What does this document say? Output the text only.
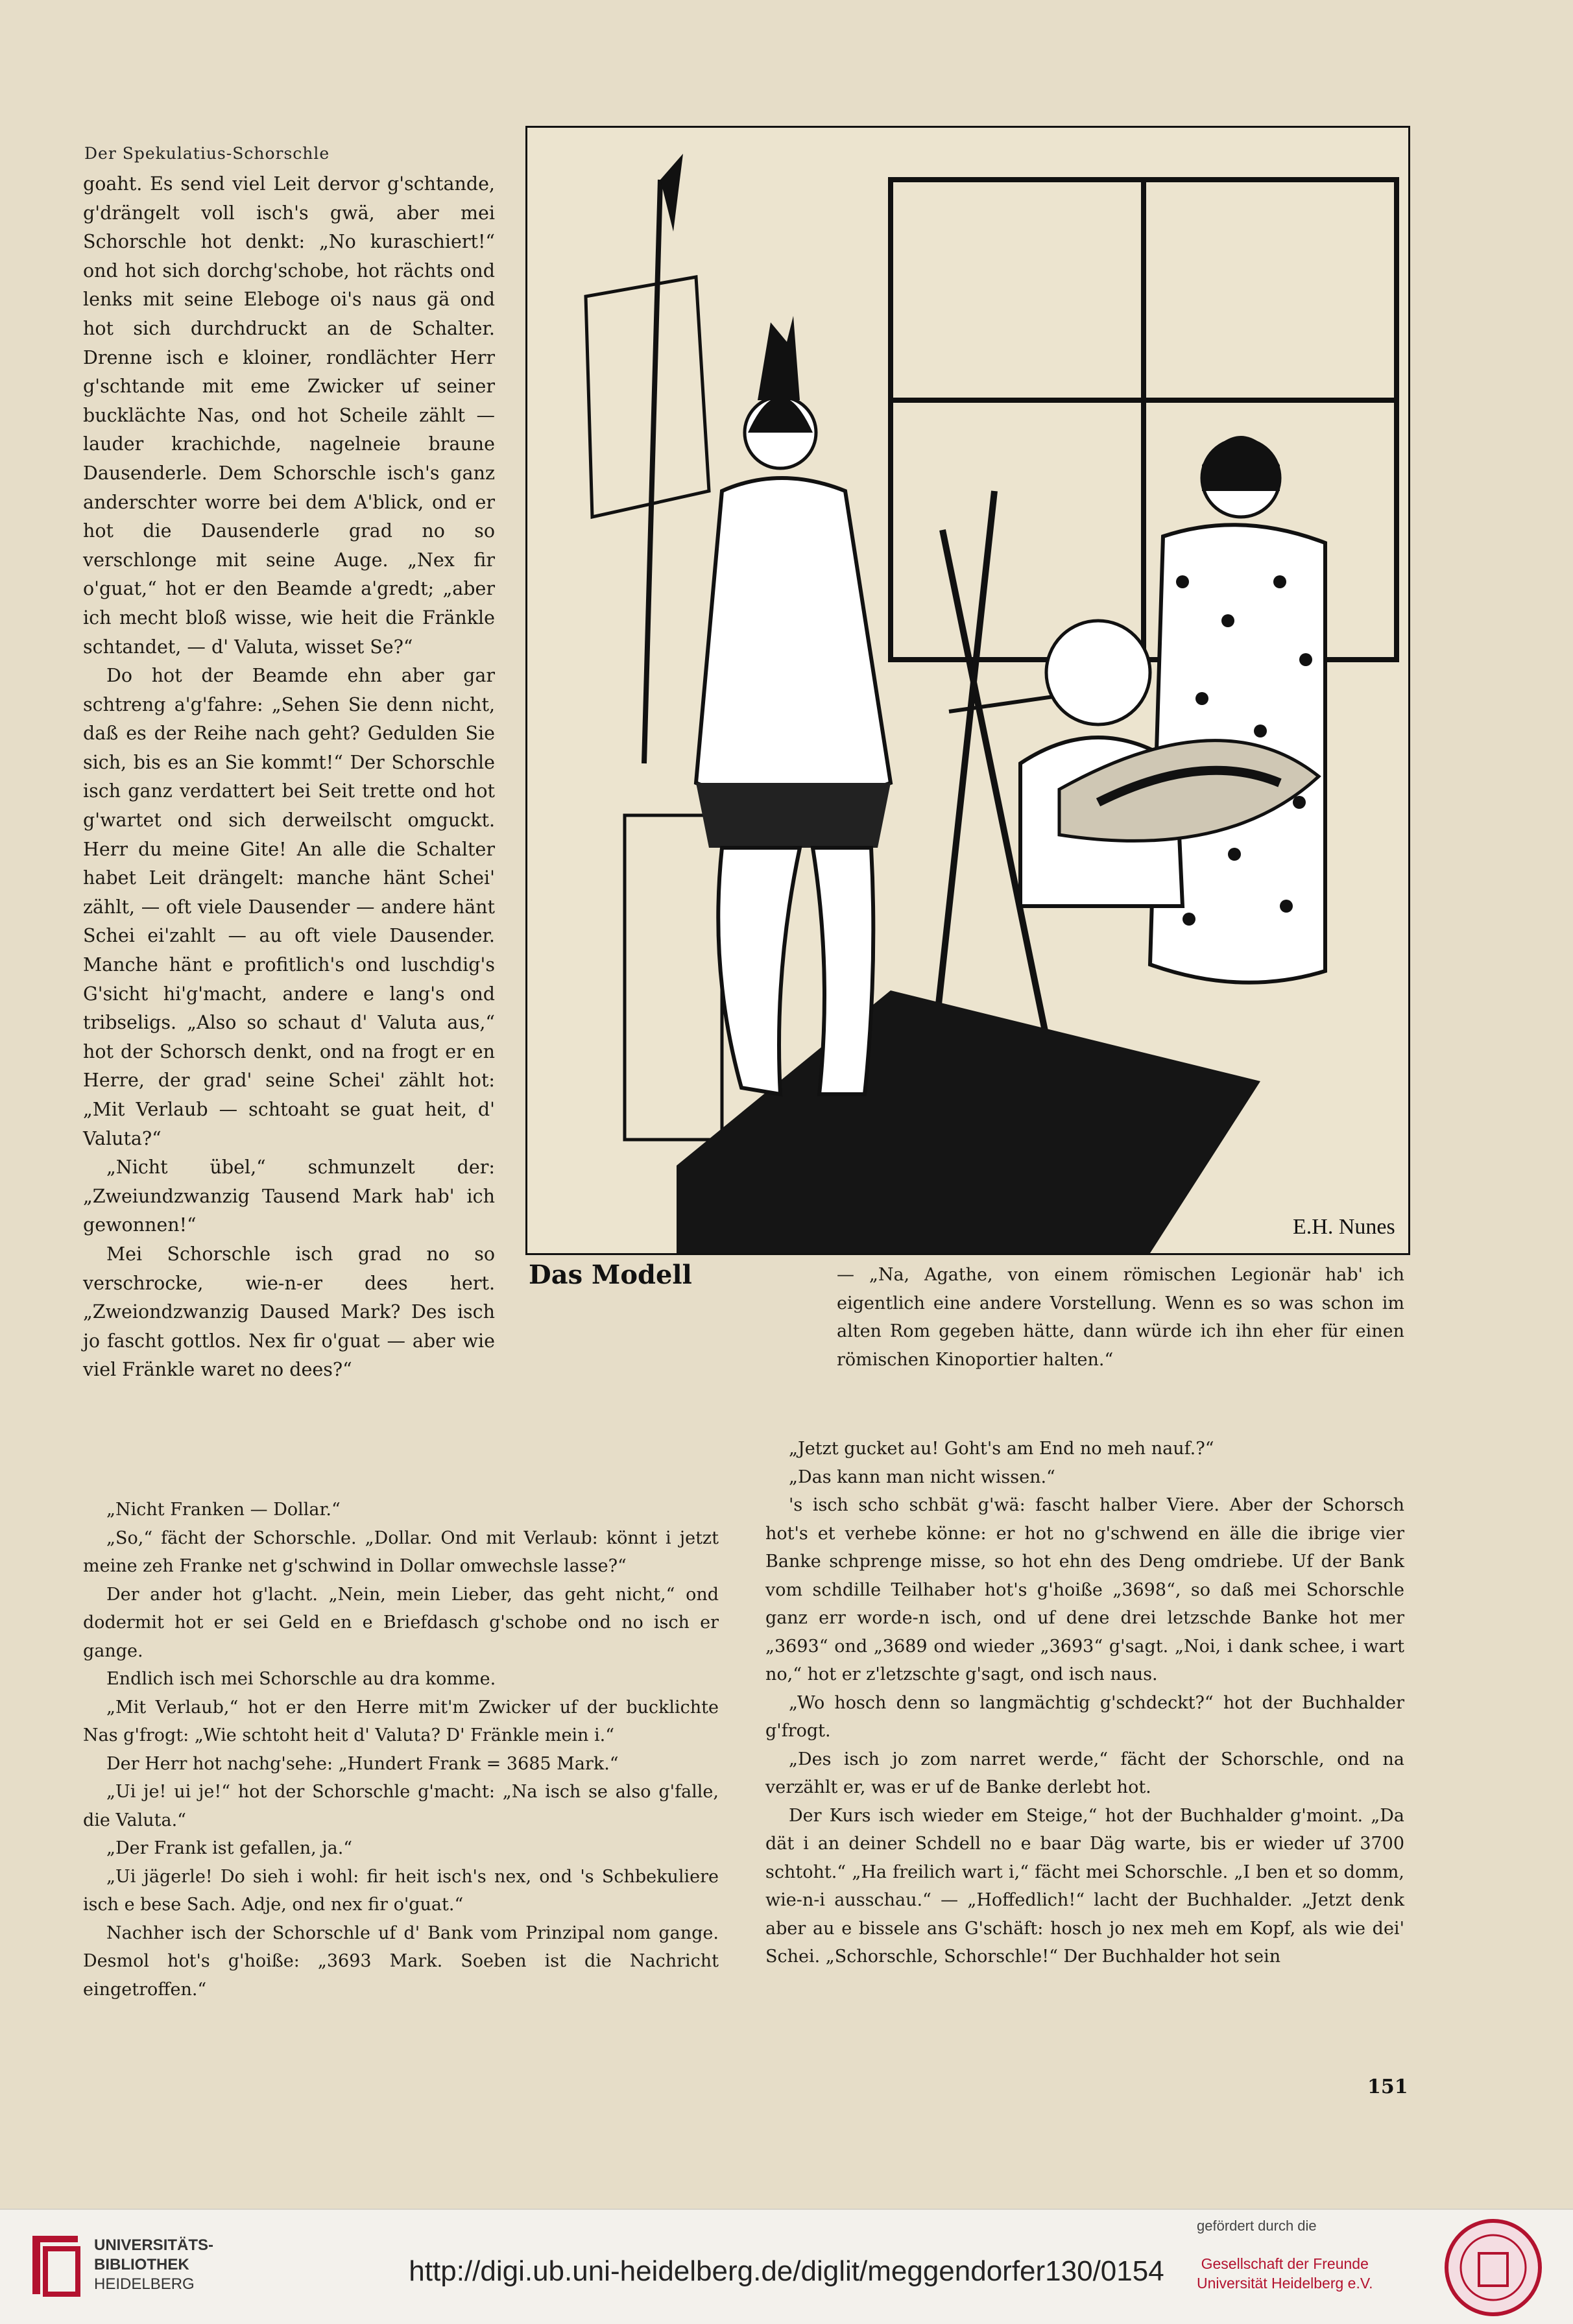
Der Spekulatius-Schorschle

goaht. Es send viel Leit dervor g'schtande, g'drängelt voll isch's gwä, aber mei Schorschle hot denkt: „No kuraschiert!“ ond hot sich dorchg'schobe, hot rächts ond lenks mit seine Eleboge oi's naus gä ond hot sich durchdruckt an de Schalter. Drenne isch e kloiner, rondlächter Herr g'schtande mit eme Zwicker uf seiner bucklächte Nas, ond hot Scheile zählt — lauder krachichde, nagelneie braune Dausenderle. Dem Schorschle isch's ganz anderschter worre bei dem A'blick, ond er hot die Dausenderle grad no so verschlonge mit seine Auge. „Nex fir o'guat,“ hot er den Beamde a'gredt; „aber ich mecht bloß wisse, wie heit die Fränkle schtandet, — d' Valuta, wisset Se?“

Do hot der Beamde ehn aber gar schtreng a'g'fahre: „Sehen Sie denn nicht, daß es der Reihe nach geht? Gedulden Sie sich, bis es an Sie kommt!“ Der Schorschle isch ganz verdattert bei Seit trette ond hot g'wartet ond sich derweilscht omguckt. Herr du meine Gite! An alle die Schalter habet Leit drängelt: manche hänt Schei' zählt, — oft viele Dausender — andere hänt Schei ei'zahlt — au oft viele Dausender. Manche hänt e profitlich's ond luschdig's G'sicht hi'g'macht, andere e lang's ond tribseligs. „Also so schaut d' Valuta aus,“ hot der Schorsch denkt, ond na frogt er en Herre, der grad' seine Schei' zählt hot: „Mit Verlaub — schtoaht se guat heit, d' Valuta?“

„Nicht übel,“ schmunzelt der: „Zweiundzwanzig Tausend Mark hab' ich gewonnen!“

Mei Schorschle isch grad no so verschrocke, wie-n-er dees hert. „Zweiondzwanzig Daused Mark? Des isch jo fascht gottlos. Nex fir o'guat — aber wie viel Fränkle waret no dees?“

E.H. Nunes
Das Modell	— „Na, Agathe, von einem römischen Legionär hab' ich eigentlich eine andere Vorstellung. Wenn es so was schon im alten Rom gegeben hätte, dann würde ich ihn eher für einen römischen Kinoportier halten.“

„Nicht Franken — Dollar.“

„So,“ fächt der Schorschle. „Dollar. Ond mit Verlaub: könnt i jetzt meine zeh Franke net g'schwind in Dollar omwechsle lasse?“

Der ander hot g'lacht. „Nein, mein Lieber, das geht nicht,“ ond dodermit hot er sei Geld en e Briefdasch g'schobe ond no isch er gange.

Endlich isch mei Schorschle au dra komme.

„Mit Verlaub,“ hot er den Herre mit'm Zwicker uf der bucklichte Nas g'frogt: „Wie schtoht heit d' Valuta? D' Fränkle mein i.“

Der Herr hot nachg'sehe: „Hundert Frank = 3685 Mark.“

„Ui je! ui je!“ hot der Schorschle g'macht: „Na isch se also g'falle, die Valuta.“

„Der Frank ist gefallen, ja.“

„Ui jägerle! Do sieh i wohl: fir heit isch's nex, ond 's Schbekuliere isch e bese Sach. Adje, ond nex fir o'guat.“

Nachher isch der Schorschle uf d' Bank vom Prinzipal nom gange. Desmol hot's g'hoiße: „3693 Mark. Soeben ist die Nachricht eingetroffen.“

„Jetzt gucket au! Goht's am End no meh nauf.?“

„Das kann man nicht wissen.“

's isch scho schbät g'wä: fascht halber Viere. Aber der Schorsch hot's et verhebe könne: er hot no g'schwend en älle die ibrige vier Banke schprenge misse, so hot ehn des Deng omdriebe. Uf der Bank vom schdille Teilhaber hot's g'hoiße „3698“, so daß mei Schorschle ganz err worde-n isch, ond uf dene drei letzschde Banke hot mer „3693“ ond „3689 ond wieder „3693“ g'sagt. „Noi, i dank schee, i wart no,“ hot er z'letzschte g'sagt, ond isch naus.

„Wo hosch denn so langmächtig g'schdeckt?“ hot der Buchhalder g'frogt.

„Des isch jo zom narret werde,“ fächt der Schorschle, ond na verzählt er, was er uf de Banke derlebt hot.

Der Kurs isch wieder em Steige,“ hot der Buchhalder g'moint. „Da dät i an deiner Schdell no e baar Däg warte, bis er wieder uf 3700 schtoht.“ „Ha freilich wart i,“ fächt mei Schorschle. „I ben et so domm, wie-n-i ausschau.“ — „Hoffedlich!“ lacht der Buchhalder. „Jetzt denk aber au e bissele ans G'schäft: hosch jo nex meh em Kopf, als wie dei' Schei. „Schorschle, Schorschle!“ Der Buchhalder hot sein

151
UNIVERSITÄTS-
BIBLIOTHEK
HEIDELBERG	http://digi.ub.uni-heidelberg.de/diglit/meggendorfer130/0154
gefördert durch die
Gesellschaft der Freunde
Universität Heidelberg e.V.
